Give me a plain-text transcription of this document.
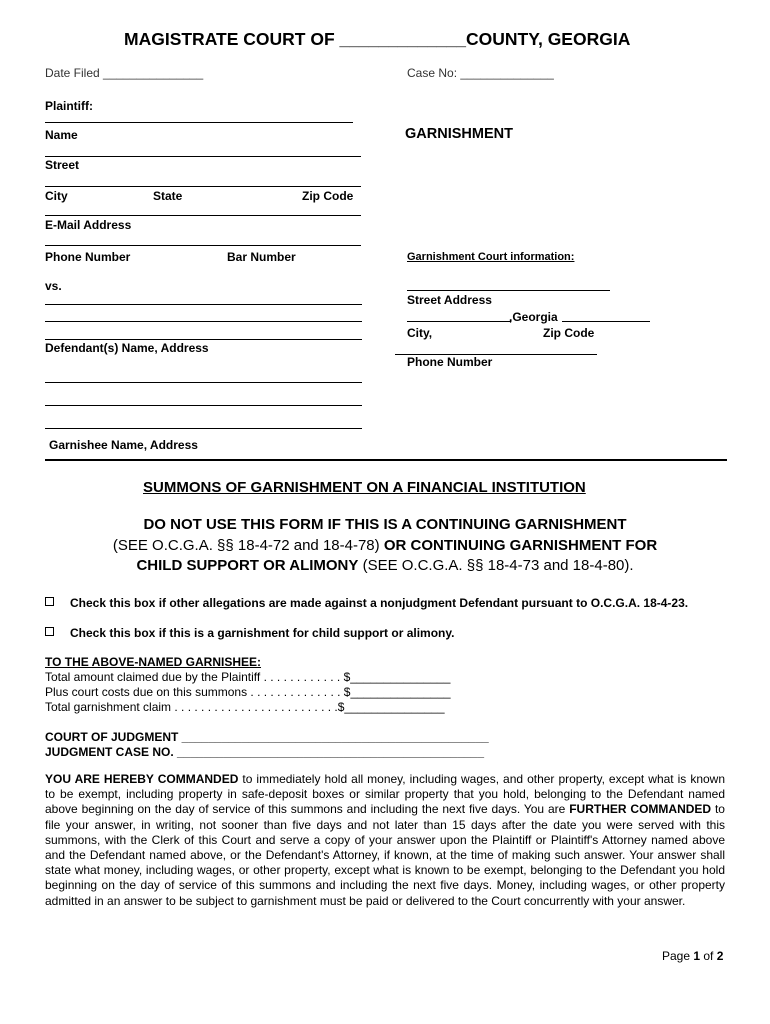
MAGISTRATE COURT OF _____________COUNTY, GEORGIA
Date Filed _______________	Case No: ______________
Plaintiff:
Name
Street
City	State	Zip Code
E-Mail Address
Phone Number	Bar Number
GARNISHMENT
Garnishment Court information:
Street Address
,Georgia
City,	Zip Code
Phone Number
vs.
Defendant(s) Name, Address
Garnishee Name, Address
SUMMONS OF GARNISHMENT ON A FINANCIAL INSTITUTION
DO NOT USE THIS FORM IF THIS IS A CONTINUING GARNISHMENT
(SEE O.C.G.A. §§ 18-4-72 and 18-4-78) OR CONTINUING GARNISHMENT FOR
CHILD SUPPORT OR ALIMONY (SEE O.C.G.A. §§ 18-4-73 and 18-4-80).
Check this box if other allegations are made against a nonjudgment Defendant pursuant to O.C.G.A. 18-4-23.
Check this box if this is a garnishment for child support or alimony.
TO THE ABOVE-NAMED GARNISHEE:
Total amount claimed due by the Plaintiff . . . . . . . . . . . . $_______________
Plus court costs due on this summons . . . . . . . . . . . . . . $_______________
Total garnishment claim . . . . . . . . . . . . . . . . . . . . . . . . .$_______________
COURT OF JUDGMENT ______________________________________________
JUDGMENT CASE NO. ______________________________________________
YOU ARE HEREBY COMMANDED to immediately hold all money, including wages, and other property, except what is known to be exempt, including property in safe-deposit boxes or similar property that you hold, belonging to the Defendant named above beginning on the day of service of this summons and including the next five days. You are FURTHER COMMANDED to file your answer, in writing, not sooner than five days and not later than 15 days after the date you were served with this summons, with the Clerk of this Court and serve a copy of your answer upon the Plaintiff or Plaintiff's Attorney named above and the Defendant named above, or the Defendant's Attorney, if known, at the time of making such answer. Your answer shall state what money, including wages, or other property, except what is known to be exempt, belonging to the Defendant you hold beginning on the day of service of this summons and including the next five days. Money, including wages, or other property admitted in an answer to be subject to garnishment must be paid or delivered to the Court concurrently with your answer.
Page 1 of 2
